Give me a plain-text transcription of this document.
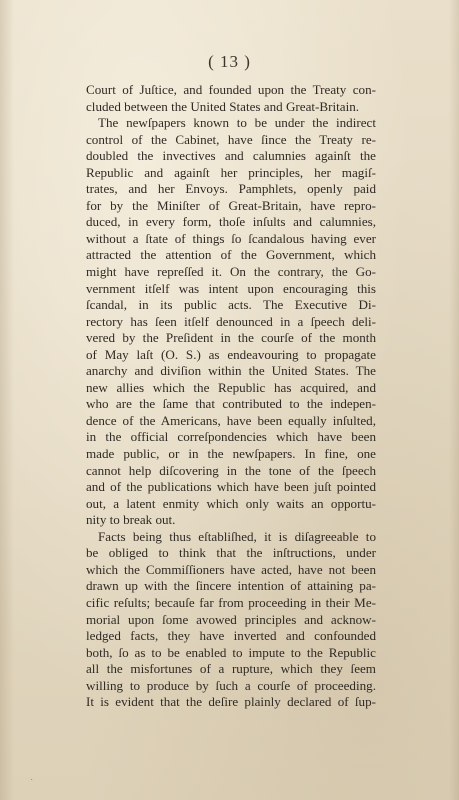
( 13 )
Court of Juſtice, and founded upon the Treaty con-
cluded between the United States and Great-Britain.
The newſpapers known to be under the indirect
control of the Cabinet, have ſince the Treaty re-
doubled the invectives and calumnies againſt the
Republic and againſt her principles, her magiſ-
trates, and her Envoys. Pamphlets, openly paid
for by the Miniſter of Great-Britain, have repro-
duced, in every form, thoſe inſults and calumnies,
without a ſtate of things ſo ſcandalous having ever
attracted the attention of the Government, which
might have repreſſed it. On the contrary, the Go-
vernment itſelf was intent upon encouraging this
ſcandal, in its public acts. The Executive Di-
rectory has ſeen itſelf denounced in a ſpeech deli-
vered by the Preſident in the courſe of the month
of May laſt (O. S.) as endeavouring to propagate
anarchy and diviſion within the United States. The
new allies which the Republic has acquired, and
who are the ſame that contributed to the indepen-
dence of the Americans, have been equally inſulted,
in the official correſpondencies which have been
made public, or in the newſpapers. In fine, one
cannot help diſcovering in the tone of the ſpeech
and of the publications which have been juſt pointed
out, a latent enmity which only waits an opportu-
nity to break out.
Facts being thus eſtabliſhed, it is diſagreeable to
be obliged to think that the inſtructions, under
which the Commiſſioners have acted, have not been
drawn up with the ſincere intention of attaining pa-
cific reſults; becauſe far from proceeding in their Me-
morial upon ſome avowed principles and acknow-
ledged facts, they have inverted and confounded
both, ſo as to be enabled to impute to the Republic
all the misfortunes of a rupture, which they ſeem
willing to produce by ſuch a courſe of proceeding.
It is evident that the deſire plainly declared of ſup-
.
